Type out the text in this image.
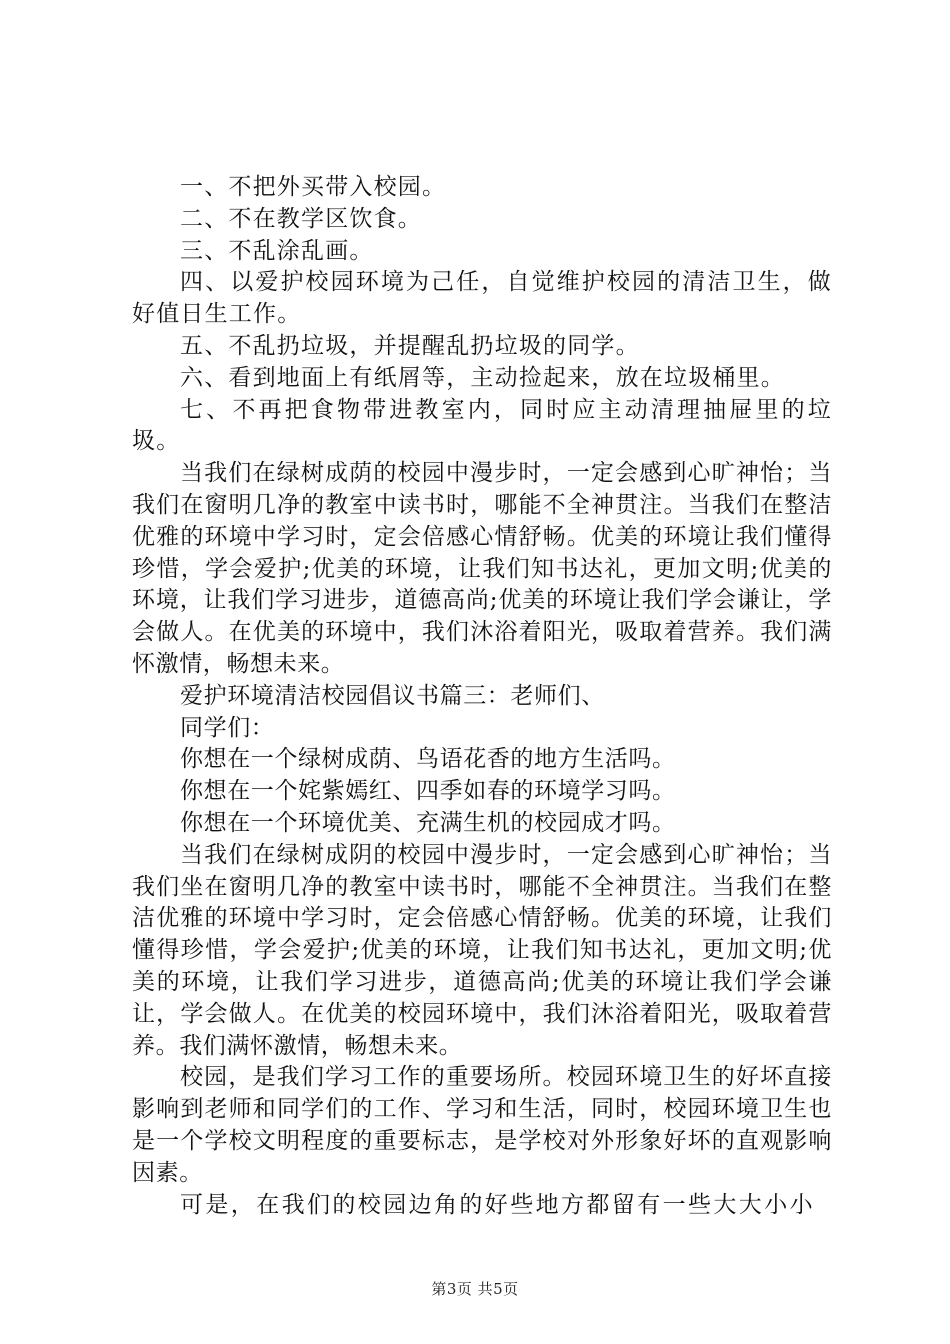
一、不把外买带入校园。

二、不在教学区饮食。

三、不乱涂乱画。

四、以爱护校园环境为己任，自觉维护校园的清洁卫生，做好值日生工作。

五、不乱扔垃圾，并提醒乱扔垃圾的同学。

六、看到地面上有纸屑等，主动捡起来，放在垃圾桶里。

七、不再把食物带进教室内，同时应主动清理抽屉里的垃圾。

当我们在绿树成荫的校园中漫步时，一定会感到心旷神怡；当我们在窗明几净的教室中读书时，哪能不全神贯注。当我们在整洁优雅的环境中学习时，定会倍感心情舒畅。优美的环境让我们懂得珍惜，学会爱护;优美的环境，让我们知书达礼，更加文明;优美的环境，让我们学习进步，道德高尚;优美的环境让我们学会谦让，学会做人。在优美的环境中，我们沐浴着阳光，吸取着营养。我们满怀激情，畅想未来。

爱护环境清洁校园倡议书篇三：老师们、

同学们：

你想在一个绿树成荫、鸟语花香的地方生活吗。

你想在一个姹紫嫣红、四季如春的环境学习吗。

你想在一个环境优美、充满生机的校园成才吗。

当我们在绿树成阴的校园中漫步时，一定会感到心旷神怡；当我们坐在窗明几净的教室中读书时，哪能不全神贯注。当我们在整洁优雅的环境中学习时，定会倍感心情舒畅。优美的环境，让我们懂得珍惜，学会爱护;优美的环境，让我们知书达礼，更加文明;优美的环境，让我们学习进步，道德高尚;优美的环境让我们学会谦让，学会做人。在优美的校园环境中，我们沐浴着阳光，吸取着营养。我们满怀激情，畅想未来。

校园，是我们学习工作的重要场所。校园环境卫生的好坏直接影响到老师和同学们的工作、学习和生活，同时，校园环境卫生也是一个学校文明程度的重要标志，是学校对外形象好坏的直观影响因素。

可是，在我们的校园边角的好些地方都留有一些大大小小

第3页 共5页
